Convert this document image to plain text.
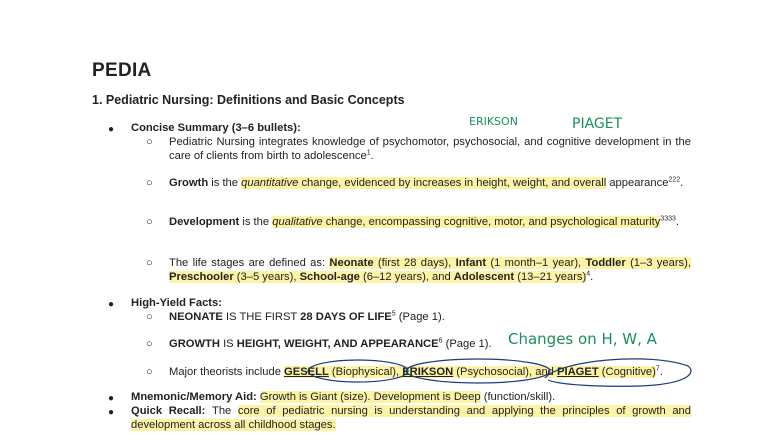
PEDIA
1. Pediatric Nursing: Definitions and Basic Concepts
ERIKSON	PIAGET
Changes on H, W, A
● Concise Summary (3–6 bullets):
○ Pediatric Nursing integrates knowledge of psychomotor, psychosocial, and cognitive development in the care of clients from birth to adolescence$^1$.
○ Growth is the quantitative change, evidenced by increases in height, weight, and overall appearance$^{222}$.
○ Development is the qualitative change, encompassing cognitive, motor, and psychological maturity$^{3333}$.
○ The life stages are defined as: Neonate (first 28 days), Infant (1 month–1 year), Toddler (1–3 years), Preschooler (3–5 years), School-age (6–12 years), and Adolescent (13–21 years)$^4$.
● High-Yield Facts:
○ NEONATE IS THE FIRST 28 DAYS OF LIFE$^5$ (Page 1).
○ GROWTH IS HEIGHT, WEIGHT, AND APPEARANCE$^6$ (Page 1).
○ Major theorists include GESELL (Biophysical), ERIKSON (Psychosocial), and PIAGET (Cognitive)$^7$.
● Mnemonic/Memory Aid: Growth is Giant (size). Development is Deep (function/skill).
● Quick Recall: The core of pediatric nursing is understanding and applying the principles of growth and development across all childhood stages.
